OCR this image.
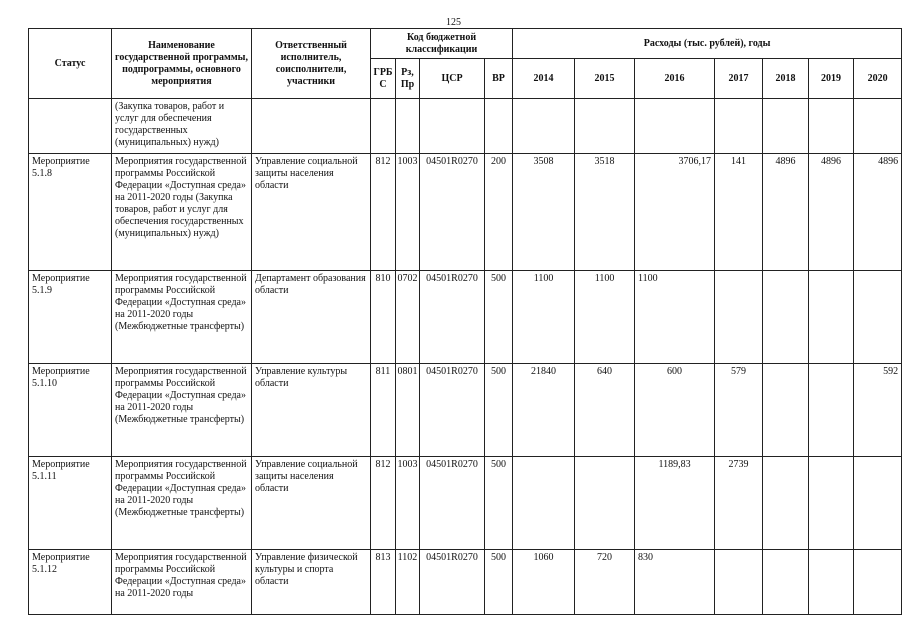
125
Статус	Наименование государственной программы, подпрограммы, основного мероприятия	Ответственный исполнитель, соисполнители, участники	Код бюджетной классификации				Расходы (тыс. рублей), годы						
			ГРБ С	Рз, Пр	ЦСР	ВР	2014	2015	2016	2017	2018	2019	2020
	(Закупка товаров, работ и услуг для обеспечения государственных (муниципальных) нужд)												
Мероприятие 5.1.8	Мероприятия государственной программы Российской Федерации «Доступная среда» на 2011-2020 годы (Закупка товаров, работ и услуг для обеспечения государственных (муниципальных) нужд)	Управление социальной защиты населения области	812	1003	04501R0270	200	3508	3518	3706,17	141	4896	4896	4896
Мероприятие 5.1.9	Мероприятия государственной программы Российской Федерации «Доступная среда» на 2011-2020 годы (Межбюджетные трансферты)	Департамент образования области	810	0702	04501R0270	500	1100	1100	1100				
Мероприятие 5.1.10	Мероприятия государственной программы Российской Федерации «Доступная среда» на 2011-2020 годы (Межбюджетные трансферты)	Управление культуры области	811	0801	04501R0270	500	21840	640	600	579			592
Мероприятие 5.1.11	Мероприятия государственной программы Российской Федерации «Доступная среда» на 2011-2020 годы (Межбюджетные трансферты)	Управление социальной защиты населения области	812	1003	04501R0270	500			1189,83	2739			
Мероприятие 5.1.12	Мероприятия государственной программы Российской Федерации «Доступная среда» на 2011-2020 годы	Управление физической культуры и спорта области	813	1102	04501R0270	500	1060	720	830				
